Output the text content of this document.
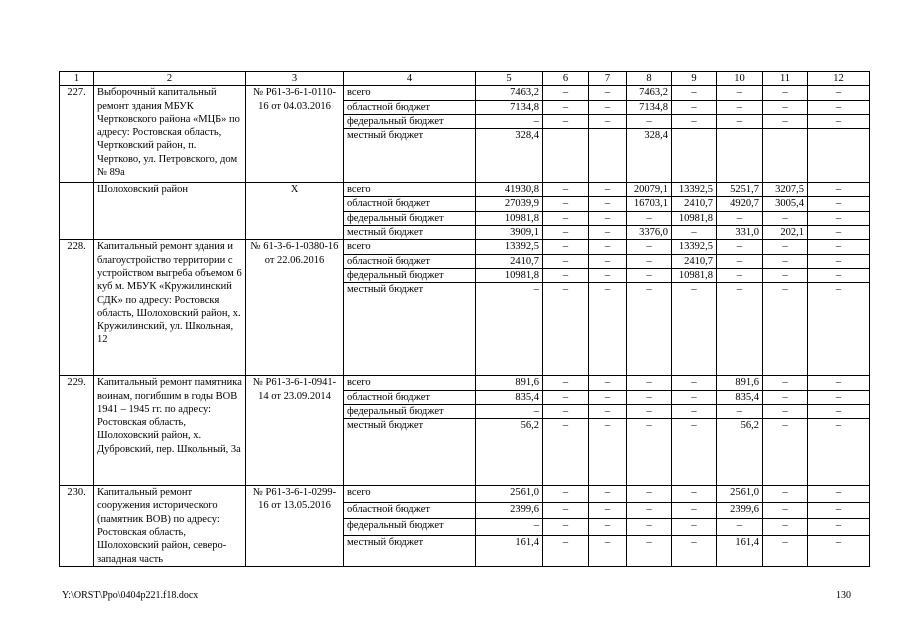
1	2	3	4	5	6	7	8	9	10	11	12
227.	Выборочный капитальный ремонт здания МБУК Чертковского района «МЦБ» по адресу: Ростовская область, Чертковский район, п. Чертково, ул. Петровского, дом № 89а	№ Р61-3-6-1-0110-16 от 04.03.2016	всего	7463,2	–	–	7463,2	–	–	–	–
			областной бюджет	7134,8	–	–	7134,8	–	–	–	–
			федеральный бюджет	–	–	–	–	–	–	–	–
			местный бюджет	328,4			328,4				
	Шолоховский район	Х	всего	41930,8	–	–	20079,1	13392,5	5251,7	3207,5	–
			областной бюджет	27039,9	–	–	16703,1	2410,7	4920,7	3005,4	–
			федеральный бюджет	10981,8	–	–	–	10981,8	–	–	–
			местный бюджет	3909,1	–	–	3376,0	–	331,0	202,1	–
228.	Капитальный ремонт здания и благоустройство территории с устройством выгреба объемом 6 куб м. МБУК «Кружилинский СДК» по адресу: Ростовскя область, Шолоховский район, х. Кружилинский, ул. Школьная, 12	№ 61-3-6-1-0380-16 от 22.06.2016	всего	13392,5	–	–	–	13392,5	–	–	–
			областной бюджет	2410,7	–	–	–	2410,7	–	–	–
			федеральный бюджет	10981,8	–	–	–	10981,8	–	–	–
			местный бюджет	–	–	–	–	–	–	–	–
229.	Капитальный ремонт памятника воинам, погибшим в годы ВОВ 1941 – 1945 гг. по адресу: Ростовская область, Шолоховский район, х. Дубровский, пер. Школьный, 3а	№ Р61-3-6-1-0941-14 от 23.09.2014	всего	891,6	–	–	–	–	891,6	–	–
			областной бюджет	835,4	–	–	–	–	835,4	–	–
			федеральный бюджет	–	–	–	–	–	–	–	–
			местный бюджет	56,2	–	–	–	–	56,2	–	–
230.	Капитальный ремонт сооружения исторического (памятник ВОВ) по адресу: Ростовская область, Шолоховский район, северо-западная часть	№ Р61-3-6-1-0299-16 от 13.05.2016	всего	2561,0	–	–	–	–	2561,0	–	–
			областной бюджет	2399,6	–	–	–	–	2399,6	–	–
			федеральный бюджет	–	–	–	–	–	–	–	–
			местный бюджет	161,4	–	–	–	–	161,4	–	–
Y:\ORST\Ppo\0404p221.f18.docx	130
